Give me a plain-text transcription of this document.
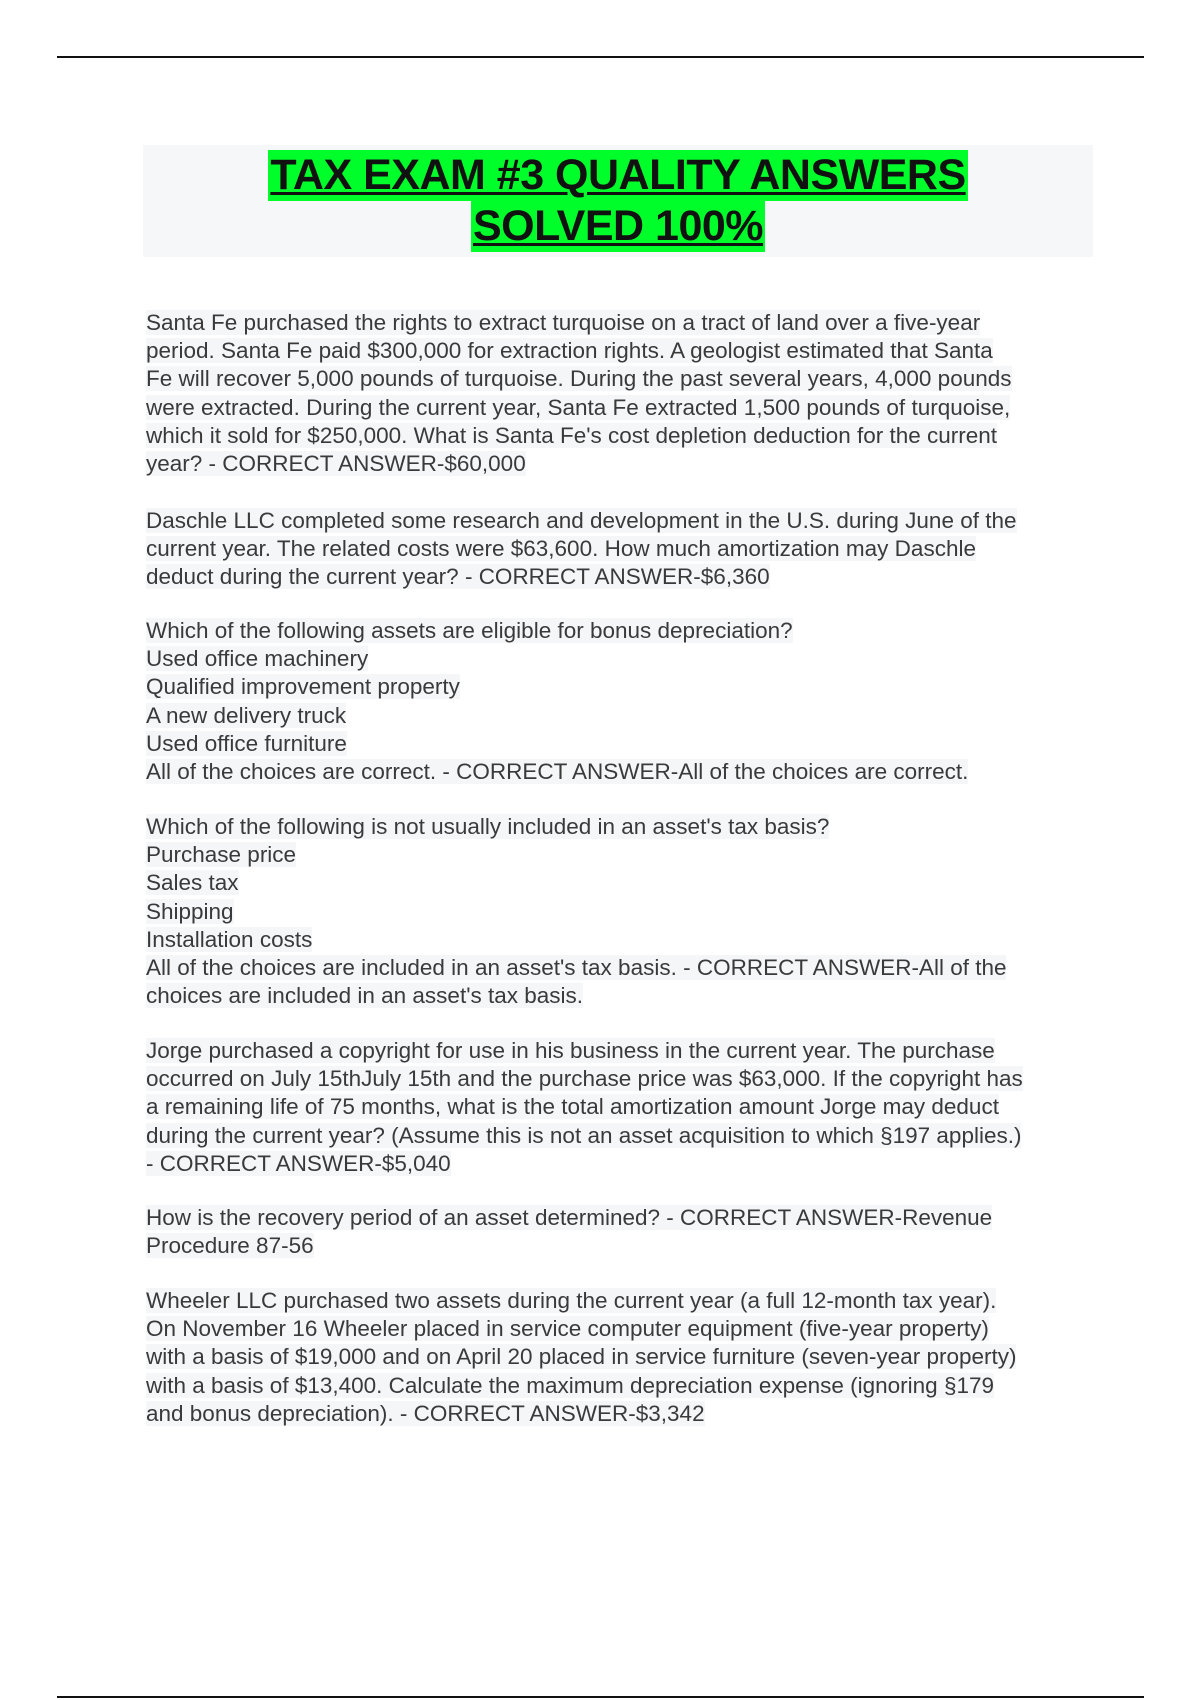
TAX EXAM #3 QUALITY ANSWERS
SOLVED 100%
Santa Fe purchased the rights to extract turquoise on a tract of land over a five-year
period. Santa Fe paid $300,000 for extraction rights. A geologist estimated that Santa
Fe will recover 5,000 pounds of turquoise. During the past several years, 4,000 pounds
were extracted. During the current year, Santa Fe extracted 1,500 pounds of turquoise,
which it sold for $250,000. What is Santa Fe's cost depletion deduction for the current
year? - CORRECT ANSWER-$60,000
Daschle LLC completed some research and development in the U.S. during June of the
current year. The related costs were $63,600. How much amortization may Daschle
deduct during the current year? - CORRECT ANSWER-$6,360
Which of the following assets are eligible for bonus depreciation?
Used office machinery
Qualified improvement property
A new delivery truck
Used office furniture
All of the choices are correct. - CORRECT ANSWER-All of the choices are correct.
Which of the following is not usually included in an asset's tax basis?
Purchase price
Sales tax
Shipping
Installation costs
All of the choices are included in an asset's tax basis. - CORRECT ANSWER-All of the
choices are included in an asset's tax basis.
Jorge purchased a copyright for use in his business in the current year. The purchase
occurred on July 15thJuly 15th and the purchase price was $63,000. If the copyright has
a remaining life of 75 months, what is the total amortization amount Jorge may deduct
during the current year? (Assume this is not an asset acquisition to which §197 applies.)
- CORRECT ANSWER-$5,040
How is the recovery period of an asset determined? - CORRECT ANSWER-Revenue
Procedure 87-56
Wheeler LLC purchased two assets during the current year (a full 12-month tax year).
On November 16 Wheeler placed in service computer equipment (five-year property)
with a basis of $19,000 and on April 20 placed in service furniture (seven-year property)
with a basis of $13,400. Calculate the maximum depreciation expense (ignoring §179
and bonus depreciation). - CORRECT ANSWER-$3,342
